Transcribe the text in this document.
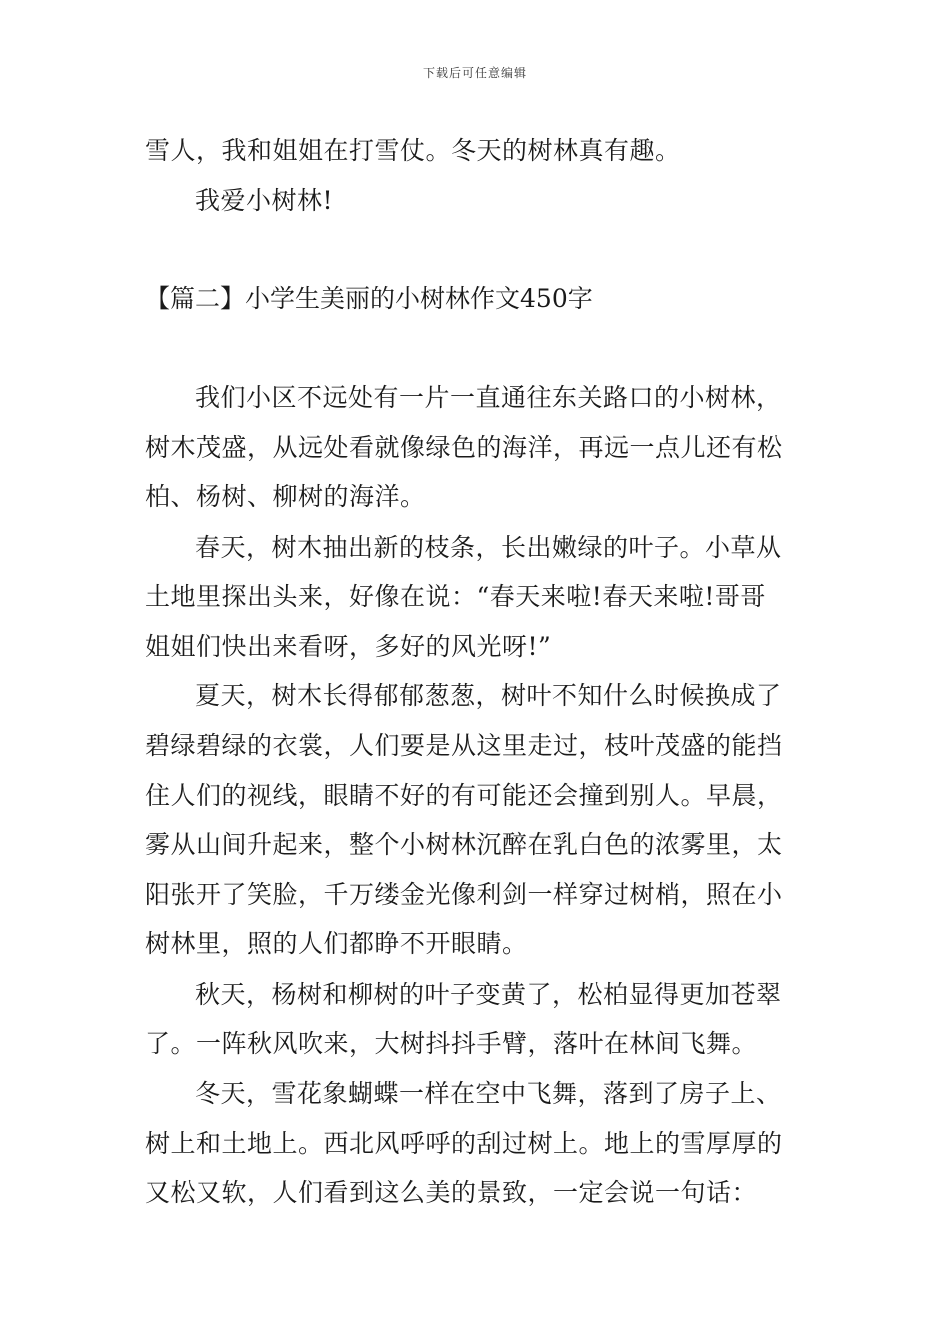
下载后可任意编辑
雪人，我和姐姐在打雪仗。冬天的树林真有趣。
我爱小树林!
【篇二】小学生美丽的小树林作文450字
我们小区不远处有一片一直通往东关路口的小树林，
树木茂盛，从远处看就像绿色的海洋，再远一点儿还有松
柏、杨树、柳树的海洋。
春天，树木抽出新的枝条，长出嫩绿的叶子。小草从
土地里探出头来，好像在说：“春天来啦!春天来啦!哥哥
姐姐们快出来看呀，多好的风光呀!”
夏天，树木长得郁郁葱葱，树叶不知什么时候换成了
碧绿碧绿的衣裳，人们要是从这里走过，枝叶茂盛的能挡
住人们的视线，眼睛不好的有可能还会撞到别人。早晨，
雾从山间升起来，整个小树林沉醉在乳白色的浓雾里，太
阳张开了笑脸，千万缕金光像利剑一样穿过树梢，照在小
树林里，照的人们都睁不开眼睛。
秋天，杨树和柳树的叶子变黄了，松柏显得更加苍翠
了。一阵秋风吹来，大树抖抖手臂，落叶在林间飞舞。
冬天，雪花象蝴蝶一样在空中飞舞，落到了房子上、
树上和土地上。西北风呼呼的刮过树上。地上的雪厚厚的
又松又软，人们看到这么美的景致，一定会说一句话：
